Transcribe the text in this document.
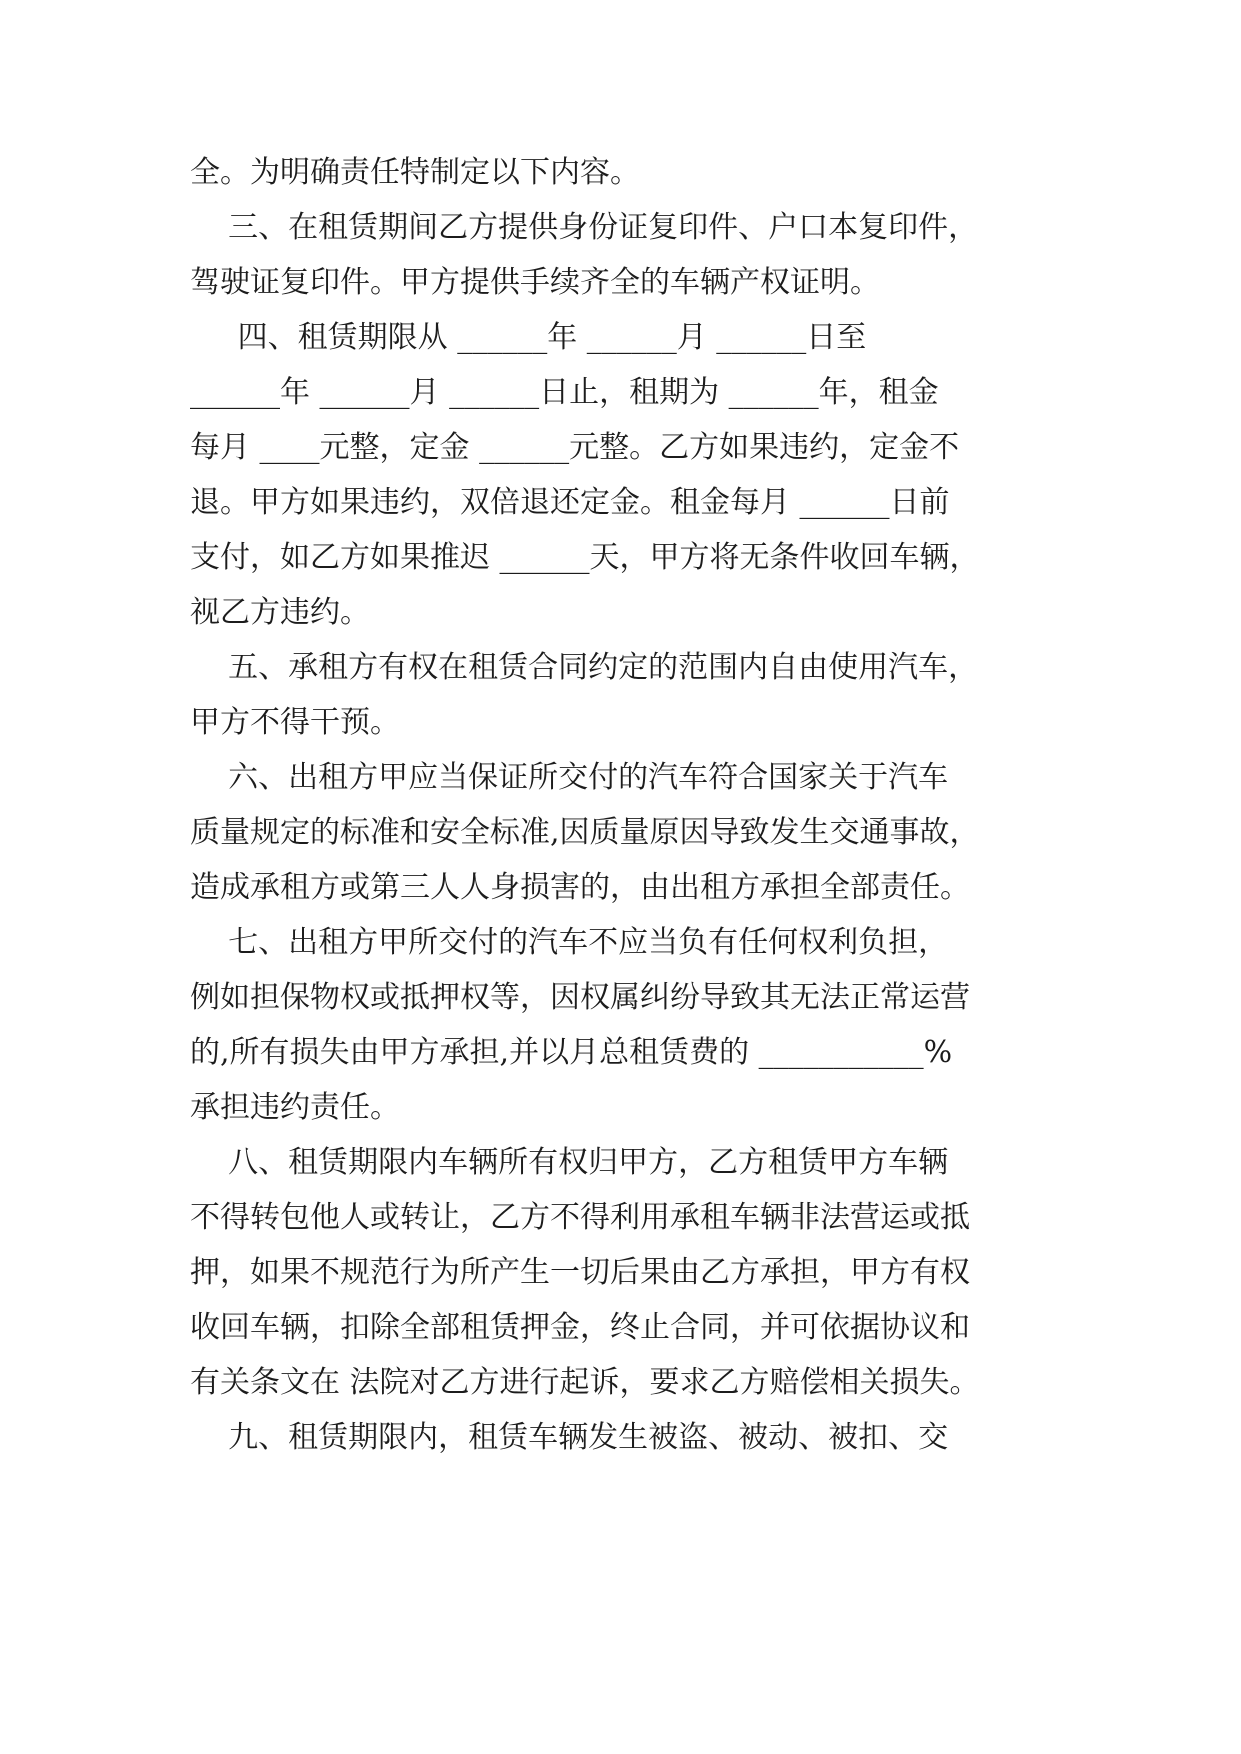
全。为明确责任特制定以下内容。

三、在租赁期间乙方提供身份证复印件、户口本复印件，

驾驶证复印件。甲方提供手续齐全的车辆产权证明。

四、租赁期限从 ______年 ______月 ______日至

______年 ______月 ______日止，租期为 ______年，租金

每月 ____元整，定金 ______元整。乙方如果违约，定金不

退。甲方如果违约，双倍退还定金。租金每月 ______日前

支付，如乙方如果推迟 ______天，甲方将无条件收回车辆，

视乙方违约。

五、承租方有权在租赁合同约定的范围内自由使用汽车，

甲方不得干预。

六、出租方甲应当保证所交付的汽车符合国家关于汽车

质量规定的标准和安全标准,因质量原因导致发生交通事故，

造成承租方或第三人人身损害的，由出租方承担全部责任。

七、出租方甲所交付的汽车不应当负有任何权利负担，

例如担保物权或抵押权等，因权属纠纷导致其无法正常运营

的,所有损失由甲方承担,并以月总租赁费的 ___________%

承担违约责任。

八、租赁期限内车辆所有权归甲方，乙方租赁甲方车辆

不得转包他人或转让，乙方不得利用承租车辆非法营运或抵

押，如果不规范行为所产生一切后果由乙方承担，甲方有权

收回车辆，扣除全部租赁押金，终止合同，并可依据协议和

有关条文在 法院对乙方进行起诉，要求乙方赔偿相关损失。

九、租赁期限内，租赁车辆发生被盗、被动、被扣、交
